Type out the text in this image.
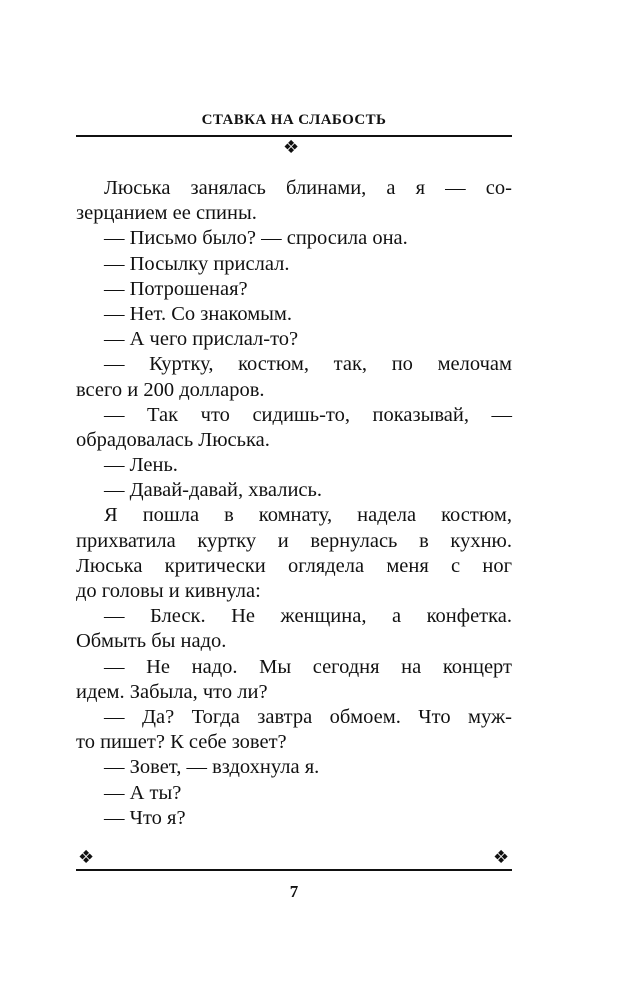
СТАВКА НА СЛАБОСТЬ
❖
Люська занялась блинами, а я — со-
зерцанием ее спины.
— Письмо было? — спросила она.
— Посылку прислал.
— Потрошеная?
— Нет. Со знакомым.
— А чего прислал-то?
— Куртку, костюм, так, по мелочам
всего и 200 долларов.
— Так что сидишь-то, показывай, —
обрадовалась Люська.
— Лень.
— Давай-давай, хвались.
Я пошла в комнату, надела костюм,
прихватила куртку и вернулась в кухню.
Люська критически оглядела меня с ног
до головы и кивнула:
— Блеск. Не женщина, а конфетка.
Обмыть бы надо.
— Не надо. Мы сегодня на концерт
идем. Забыла, что ли?
— Да? Тогда завтра обмоем. Что муж-
то пишет? К себе зовет?
— Зовет, — вздохнула я.
— А ты?
— Что я?
❖	❖
7
